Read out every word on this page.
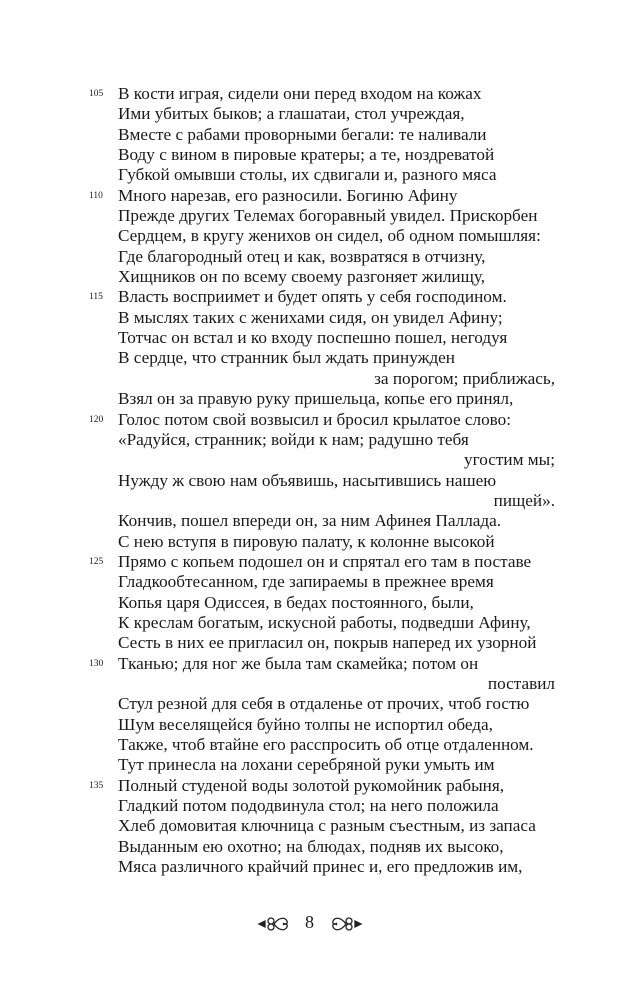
105 В кости играя, сидели они перед входом на кожах
Ими убитых быков; а глашатаи, стол учреждая,
Вместе с рабами проворными бегали: те наливали
Воду с вином в пировые кратеры; а те, ноздреватой
Губкой омывши столы, их сдвигали и, разного мяса
110 Много нарезав, его разносили. Богиню Афину
Прежде других Телемах богоравный увидел. Прискорбен
Сердцем, в кругу женихов он сидел, об одном помышляя:
Где благородный отец и как, возвратяся в отчизну,
Хищников он по всему своему разгоняет жилищу,
115 Власть восприимет и будет опять у себя господином.
В мыслях таких с женихами сидя, он увидел Афину;
Тотчас он встал и ко входу поспешно пошел, негодуя
В сердце, что странник был ждать принужден
за порогом; приближась,
Взял он за правую руку пришельца, копье его принял,
120 Голос потом свой возвысил и бросил крылатое слово:
«Радуйся, странник; войди к нам; радушно тебя
угостим мы;
Нужду ж свою нам объявишь, насытившись нашею
пищей».
Кончив, пошел впереди он, за ним Афинея Паллада.
С нею вступя в пировую палату, к колонне высокой
125 Прямо с копьем подошел он и спрятал его там в поставе
Гладкообтесанном, где запираемы в прежнее время
Копья царя Одиссея, в бедах постоянного, были,
К креслам богатым, искусной работы, подведши Афину,
Сесть в них ее пригласил он, покрыв наперед их узорной
130 Тканью; для ног же была там скамейка; потом он
поставил
Стул резной для себя в отдаленье от прочих, чтоб гостю
Шум веселящейся буйно толпы не испортил обеда,
Также, чтоб втайне его расспросить об отце отдаленном.
Тут принесла на лохани серебряной руки умыть им
135 Полный студеной воды золотой рукомойник рабыня,
Гладкий потом пододвинула стол; на него положила
Хлеб домовитая ключница с разным съестным, из запаса
Выданным ею охотно; на блюдах, подняв их высоко,
Мяса различного крайчий принес и, его предложив им,
8
